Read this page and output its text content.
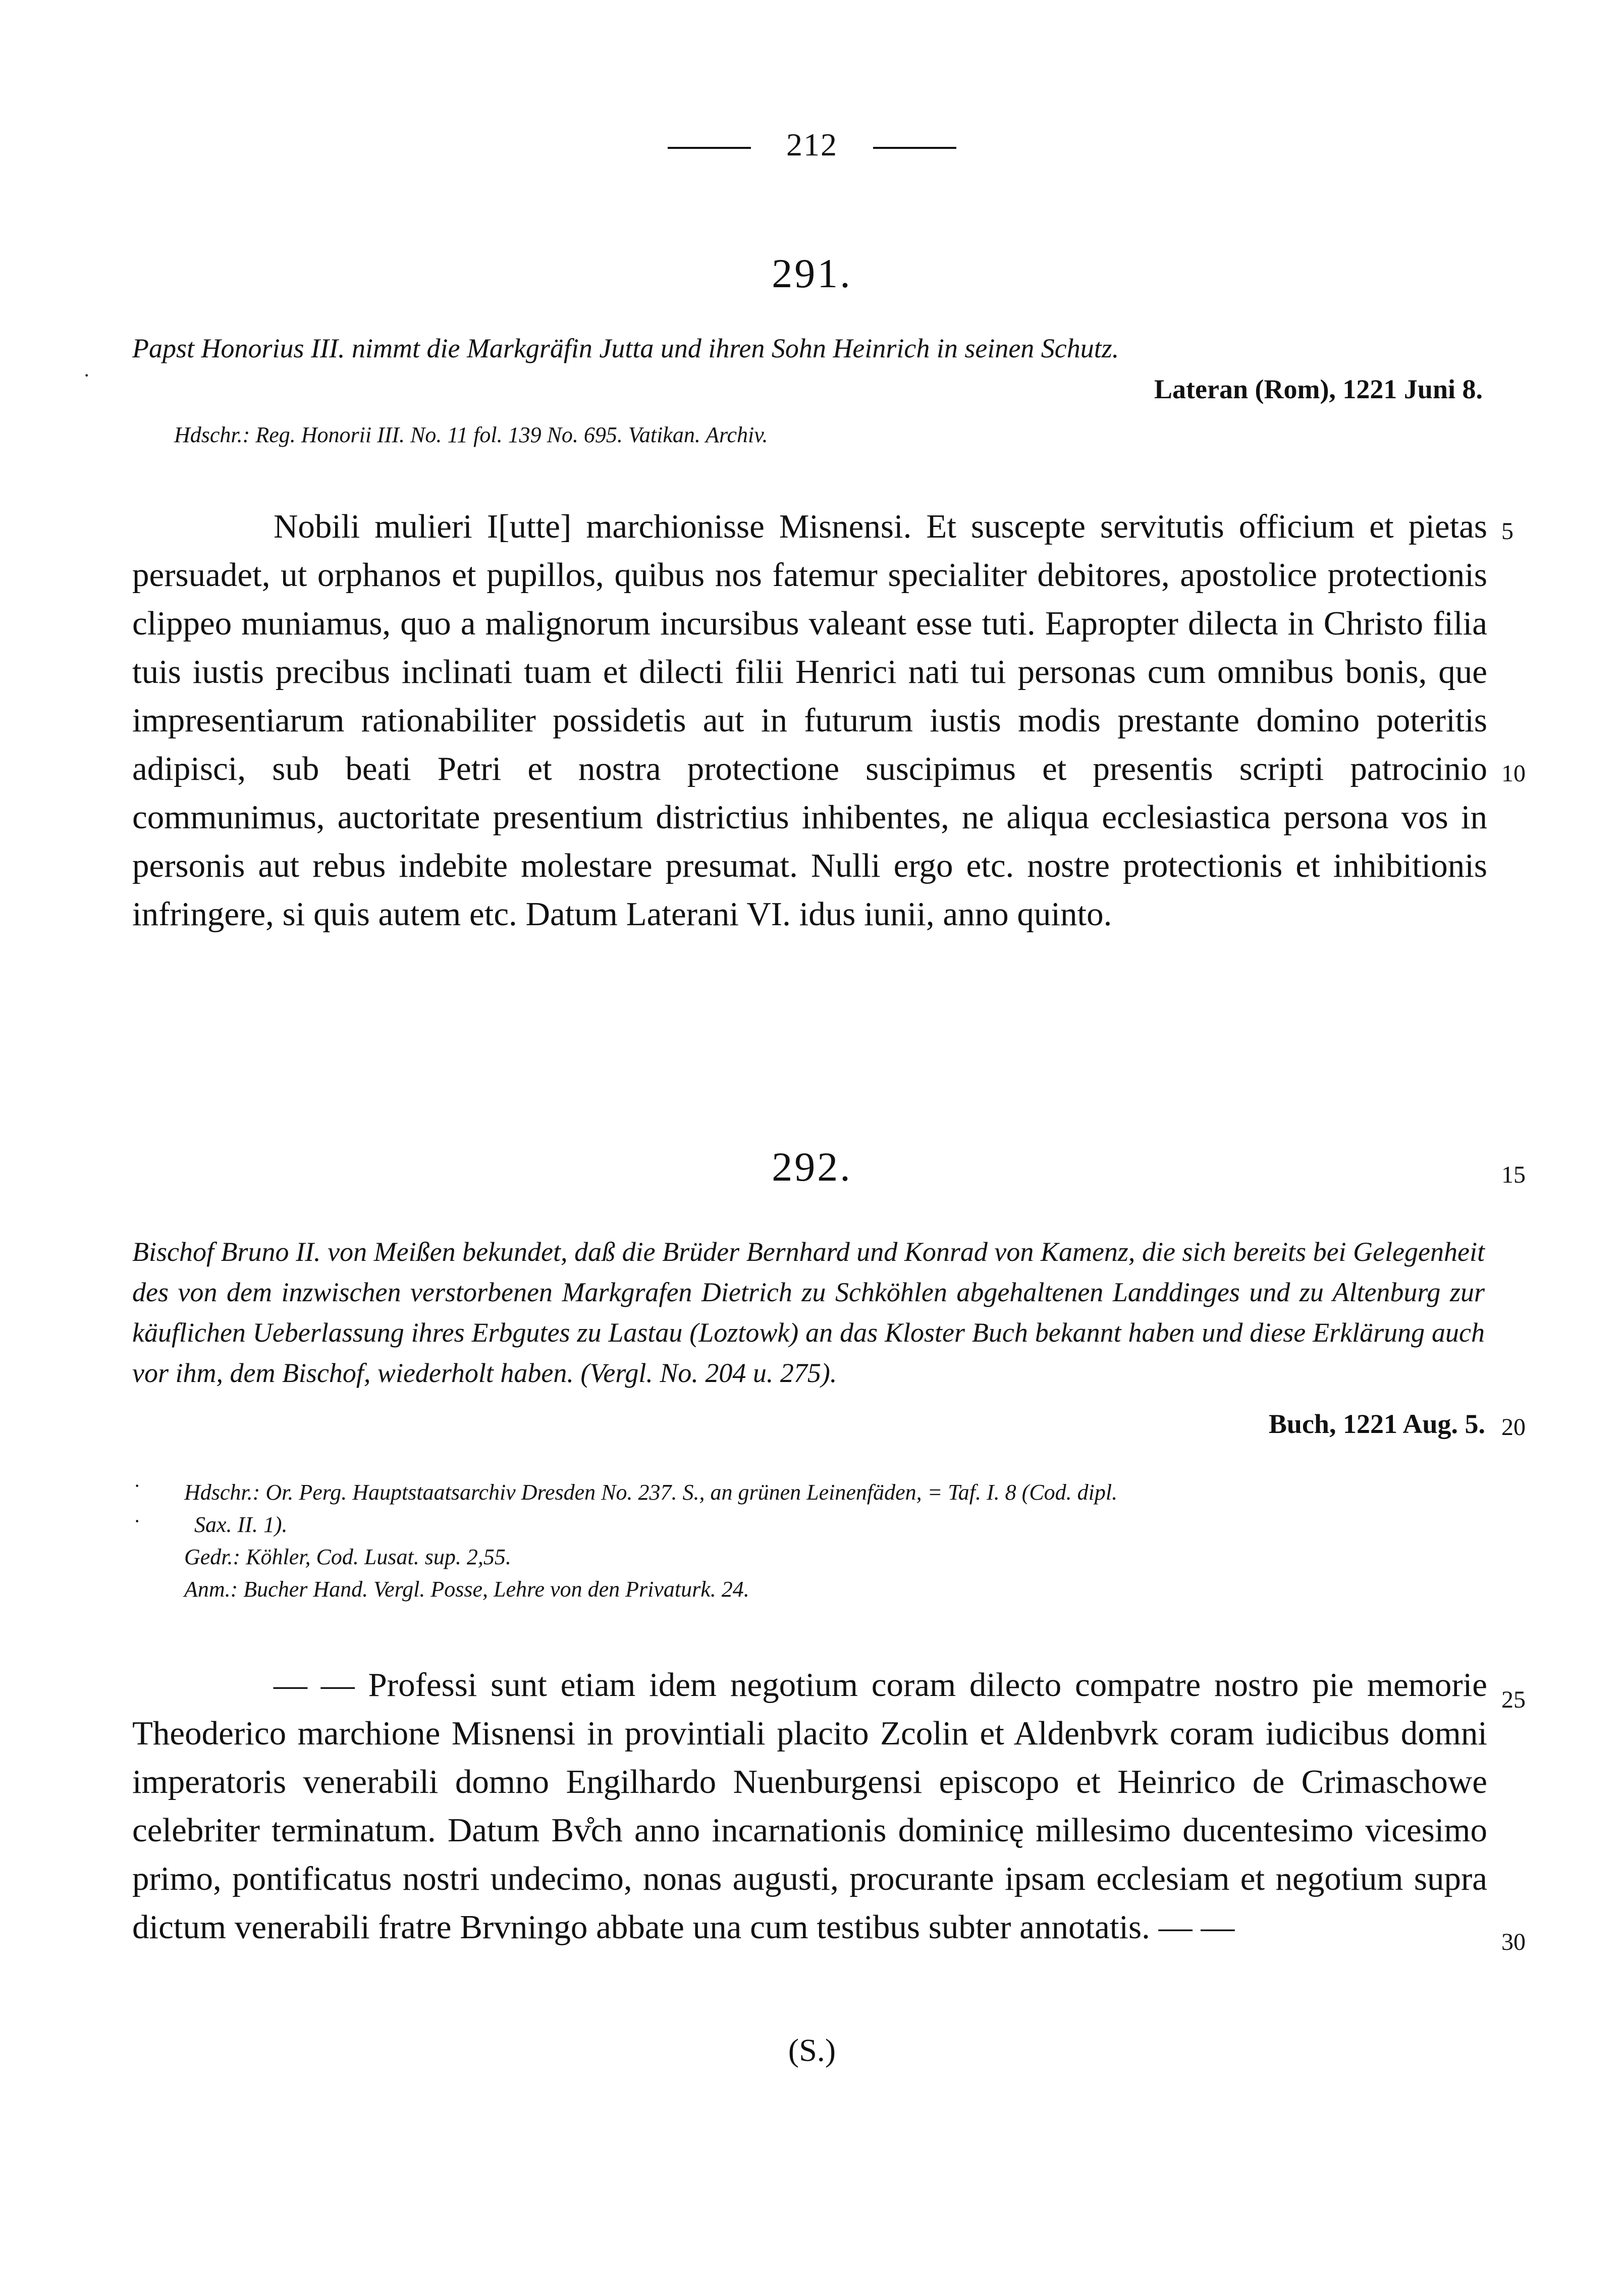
212
291.
Papst Honorius III. nimmt die Markgräfin Jutta und ihren Sohn Heinrich in seinen Schutz.
Lateran (Rom), 1221 Juni 8.
Hdschr.: Reg. Honorii III. No. 11 fol. 139 No. 695. Vatikan. Archiv.

Nobili mulieri I[utte] marchionisse Misnensi. Et suscepte servitutis officium et pietas persuadet, ut orphanos et pupillos, quibus nos fatemur specialiter debitores, apostolice protectionis clippeo muniamus, quo a malignorum incursibus valeant esse tuti. Eapropter dilecta in Christo filia tuis iustis precibus inclinati tuam et dilecti filii Henrici nati tui personas cum omnibus bonis, que impresentiarum rationabiliter possidetis aut in futurum iustis modis prestante domino poteritis adipisci, sub beati Petri et nostra protectione suscipimus et presentis scripti patrocinio communimus, auctoritate presentium districtius inhibentes, ne aliqua ecclesiastica persona vos in personis aut rebus indebite molestare presumat. Nulli ergo etc. nostre protectionis et inhibitionis infringere, si quis autem etc. Datum Laterani VI. idus iunii, anno quinto.

292.
Bischof Bruno II. von Meißen bekundet, daß die Brüder Bernhard und Konrad von Kamenz, die sich bereits bei Gelegenheit des von dem inzwischen verstorbenen Markgrafen Dietrich zu Schköhlen abgehaltenen Landdinges und zu Altenburg zur käuflichen Ueberlassung ihres Erbgutes zu Lastau (Loztowk) an das Kloster Buch bekannt haben und diese Erklärung auch vor ihm, dem Bischof, wiederholt haben. (Vergl. No. 204 u. 275).
Buch, 1221 Aug. 5.
Hdschr.: Or. Perg. Hauptstaatsarchiv Dresden No. 237. S., an grünen Leinenfäden, = Taf. I. 8 (Cod. dipl.
Sax. II. 1).
Gedr.: Köhler, Cod. Lusat. sup. 2,55.
Anm.: Bucher Hand. Vergl. Posse, Lehre von den Privaturk. 24.

— — Professi sunt etiam idem negotium coram dilecto compatre nostro pie memorie Theoderico marchione Misnensi in provintiali placito Zcolin et Aldenbvrk coram iudicibus domni imperatoris venerabili domno Engilhardo Nuenburgensi episcopo et Heinrico de Crimaschowe celebriter terminatum. Datum Bv̊ch anno incarnationis dominicę millesimo ducentesimo vicesimo primo, pontificatus nostri undecimo, nonas augusti, procurante ipsam ecclesiam et negotium supra dictum venerabili fratre Brvningo abbate una cum testibus subter annotatis. — —

(S.)
5
10
15
20
25
30
·
·
·
